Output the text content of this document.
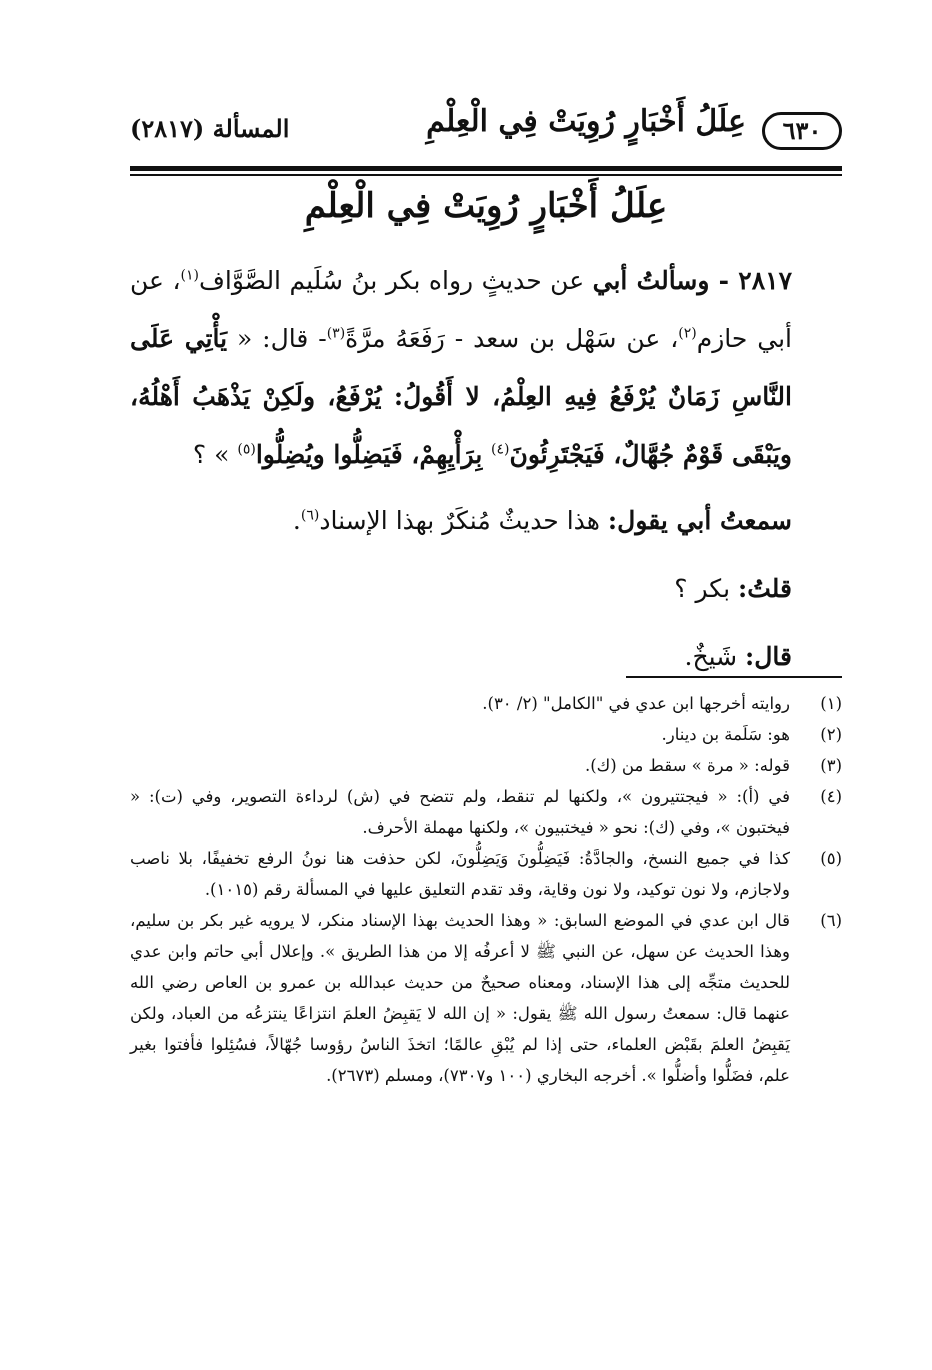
٦٣٠
عِلَلُ أَخْبَارٍ رُوِيَتْ فِي الْعِلْمِ
المسألة (٢٨١٧)
عِلَلُ أَخْبَارٍ رُوِيَتْ فِي الْعِلْمِ

٢٨١٧ - وسألتُ أبي عن حديثٍ رواه بكر بنُ سُلَيم الصَّوَّاف$^{(١)}$، عن أبي حازم$^{(٢)}$، عن سَهْل بن سعد - رَفَعَهُ مرَّةً$^{(٣)}$- قال: « يَأْتِي عَلَى النَّاسِ زَمَانٌ يُرْفَعُ فِيهِ العِلْمُ، لا أَقُولُ: يُرْفَعُ، ولَكِنْ يَذْهَبُ أَهْلُهُ، ويَبْقَى قَوْمٌ جُهَّالٌ، فَيَجْتَرِئُونَ$^{(٤)}$ بِرَأْيِهِمْ، فَيَضِلُّوا ويُضِلُّوا$^{(٥)}$ » ؟

سمعتُ أبي يقول: هذا حديثٌ مُنكَرٌ بهذا الإسناد$^{(٦)}$.

قلتُ: بكر ؟

قال: شَيخٌ.

(١)
روايته أخرجها ابن عدي في "الكامل" (٢/ ٣٠).
(٢)
هو: سَلَمة بن دينار.
(٣)
قوله: « مرة » سقط من (ك).
(٤)
في (أ): « فيجتتيرون »، ولكنها لم تنقط، ولم تتضح في (ش) لرداءة التصوير، وفي (ت): « فيختبون »، وفي (ك): نحو « فيختبيون »، ولكنها مهملة الأحرف.
(٥)
كذا في جميع النسخ، والجادَّةُ: فَيَضِلُّونَ وَيَضِلُّونَ، لكن حذفت هنا نونُ الرفع تخفيفًا، بلا ناصب ولاجازم، ولا نون توكيد، ولا نون وقاية، وقد تقدم التعليق عليها في المسألة رقم (١٠١٥).
(٦)
قال ابن عدي في الموضع السابق: « وهذا الحديث بهذا الإسناد منكر، لا يرويه غير بكر بن سليم، وهذا الحديث عن سهل، عن النبي ﷺ لا أعرفُه إلا من هذا الطريق ». وإعلال أبي حاتم وابن عدي للحديث متجِّه إلى هذا الإسناد، ومعناه صحيحٌ من حديث عبدالله بن عمرو بن العاص رضي الله عنهما قال: سمعتُ رسول الله ﷺ يقول: « إن الله لا يَقبِضُ العلمَ انتزاعًا ينتزعُه من العباد، ولكن يَقبِضُ العلمَ بقَبْض العلماء، حتى إذا لم يُبْقِ عالمًا؛ اتخذَ الناسُ رؤوسا جُهّالاً، فسُئِلوا فأفتوا بغير علم، فضَلُّوا وأضلُّوا ». أخرجه البخاري (١٠٠ و٧٣٠٧)، ومسلم (٢٦٧٣).
